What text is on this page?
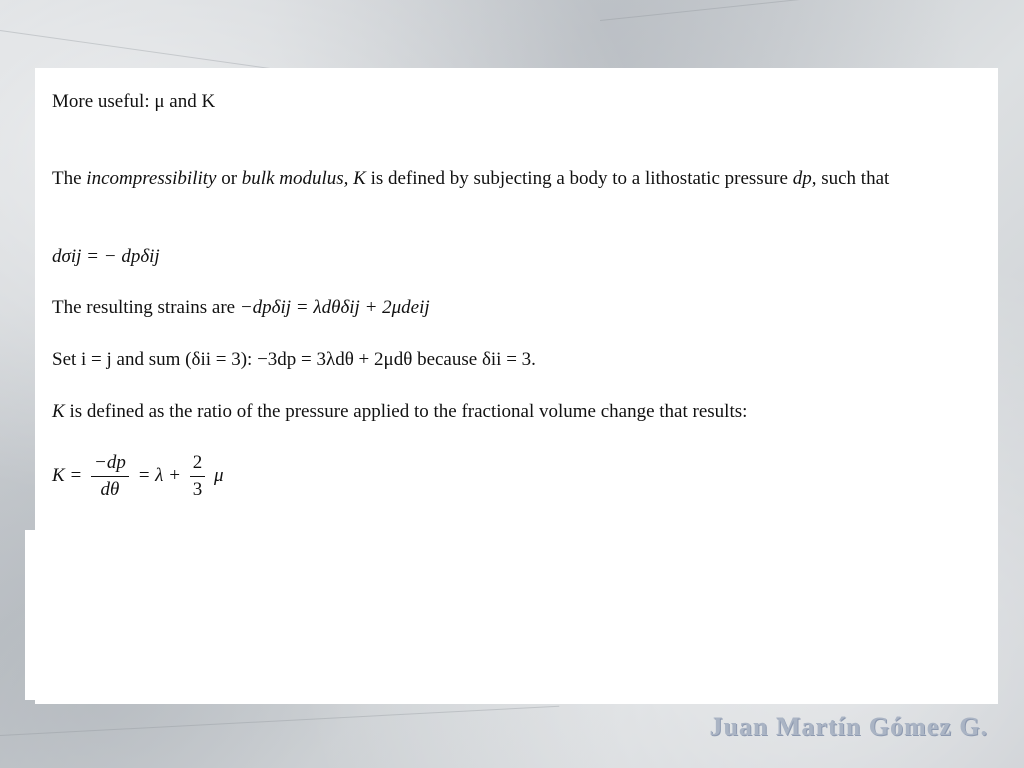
More useful: μ and K
The incompressibility or bulk modulus, K is defined by subjecting a body to a lithostatic pressure dp, such that
dσij = − dpδij
The resulting strains are −dpδij = λdθδij + 2μdeij
Set i = j and sum (δii = 3): −3dp = 3λdθ + 2μdθ because δii = 3.
K is defined as the ratio of the pressure applied to the fractional volume change that results:
$K = \frac{-dp}{d\theta} = \lambda + \frac{2}{3}$ μ
Juan Martín Gómez G.
